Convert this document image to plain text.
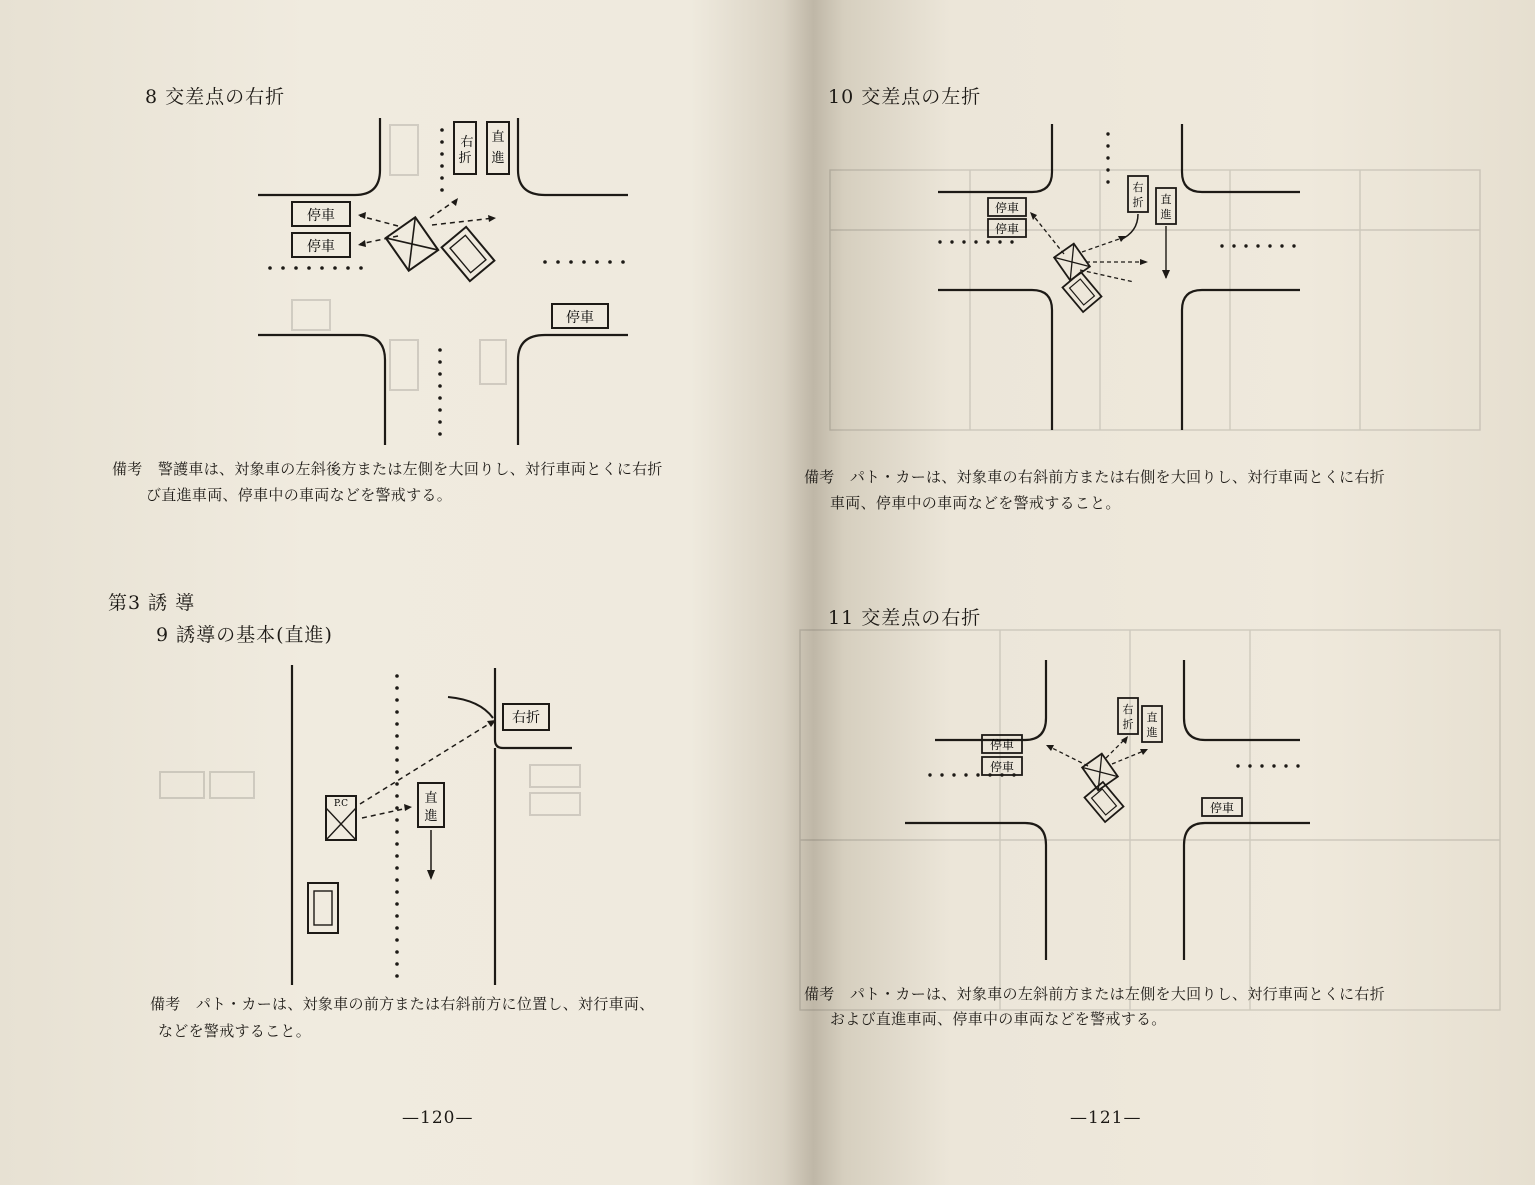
8 交差点の右折
停車
停車
停車
右
折
直
進
備考 警護車は、対象車の左斜後方または左側を大回りし、対行車両とくに右折
び直進車両、停車中の車両などを警戒する。
第3 誘 導
9 誘導の基本(直進)
右折
直
進
P.C
備考 パト・カーは、対象車の前方または右斜前方に位置し、対行車両、
などを警戒すること。
—120—
10 交差点の左折
停車
停車
右
折 直
進
備考 パト・カーは、対象車の右斜前方または右側を大回りし、対行車両とくに右折
車両、停車中の車両などを警戒すること。
11 交差点の右折
停車
停車
停車
右
折
直
進
備考 パト・カーは、対象車の左斜前方または左側を大回りし、対行車両とくに右折
および直進車両、停車中の車両などを警戒する。
—121—
